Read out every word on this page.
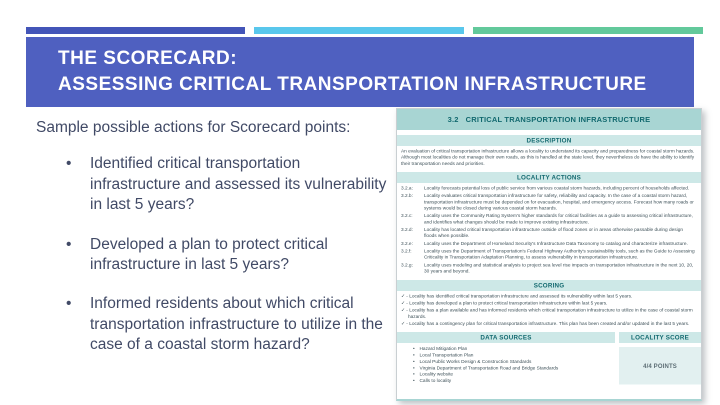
THE SCORECARD:
ASSESSING CRITICAL TRANSPORTATION INFRASTRUCTURE

Sample possible actions for Scorecard points:

• Identified critical transportation infrastructure and assessed its vulnerability in last 5 years?
• Developed a plan to protect critical infrastructure in last 5 years?
• Informed residents about which critical transportation infrastructure to utilize in the case of a coastal storm hazard?
3.2 CRITICAL TRANSPORTATION INFRASTRUCTURE
DESCRIPTION

An evaluation of critical transportation infrastructure allows a locality to understand its capacity and preparedness for coastal storm hazards. Although most localities do not manage their own roads, as this is handled at the state level, they nevertheless do have the ability to identify their transportation needs and priorities.

LOCALITY ACTIONS
3.2.a:	Locality forecasts potential loss of public service from various coastal storm hazards, including percent of households affected.
3.2.b:	Locality evaluates critical transportation infrastructure for safety, reliability and capacity. In the case of a coastal storm hazard, transportation infrastructure must be depended on for evacuation, hospital, and emergency access. Forecast how many roads or systems would be closed during various coastal storm hazards.
3.2.c:	Locality uses the Community Rating System's higher standards for critical facilities as a guide to assessing critical infrastructure, and identifies what changes should be made to improve existing infrastructure.
3.2.d:	Locality has located critical transportation infrastructure outside of flood zones or in areas otherwise passable during design floods when possible.
3.2.e:	Locality uses the Department of Homeland Security's Infrastructure Data Taxonomy to catalog and characterize infrastructure.
3.2.f:	Locality uses the Department of Transportation's Federal Highway Authority's sustainability tools, such as the Guide to Assessing Criticality in Transportation Adaptation Planning, to assess vulnerability in transportation infrastructure.
3.2.g:	Locality uses modeling and statistical analysis to project sea level rise impacts on transportation infrastructure in the next 10, 20, 30 years and beyond.
SCORING
✓ - Locality has identified critical transportation infrastructure and assessed its vulnerability within last 5 years.
✓ - Locality has developed a plan to protect critical transportation infrastructure within last 5 years.
✓ - Locality has a plan available and has informed residents which critical transportation infrastructure to utilize in the case of coastal storm hazards.
✓ - Locality has a contingency plan for critical transportation infrastructure. This plan has been created and/or updated in the last 5 years.
DATA SOURCES
• Hazard Mitigation Plan
• Local Transportation Plan
• Local Public Works Design & Construction Standards
• Virginia Department of Transportation Road and Bridge Standards
• Locality website
• Calls to locality
LOCALITY SCORE
4/4 POINTS
